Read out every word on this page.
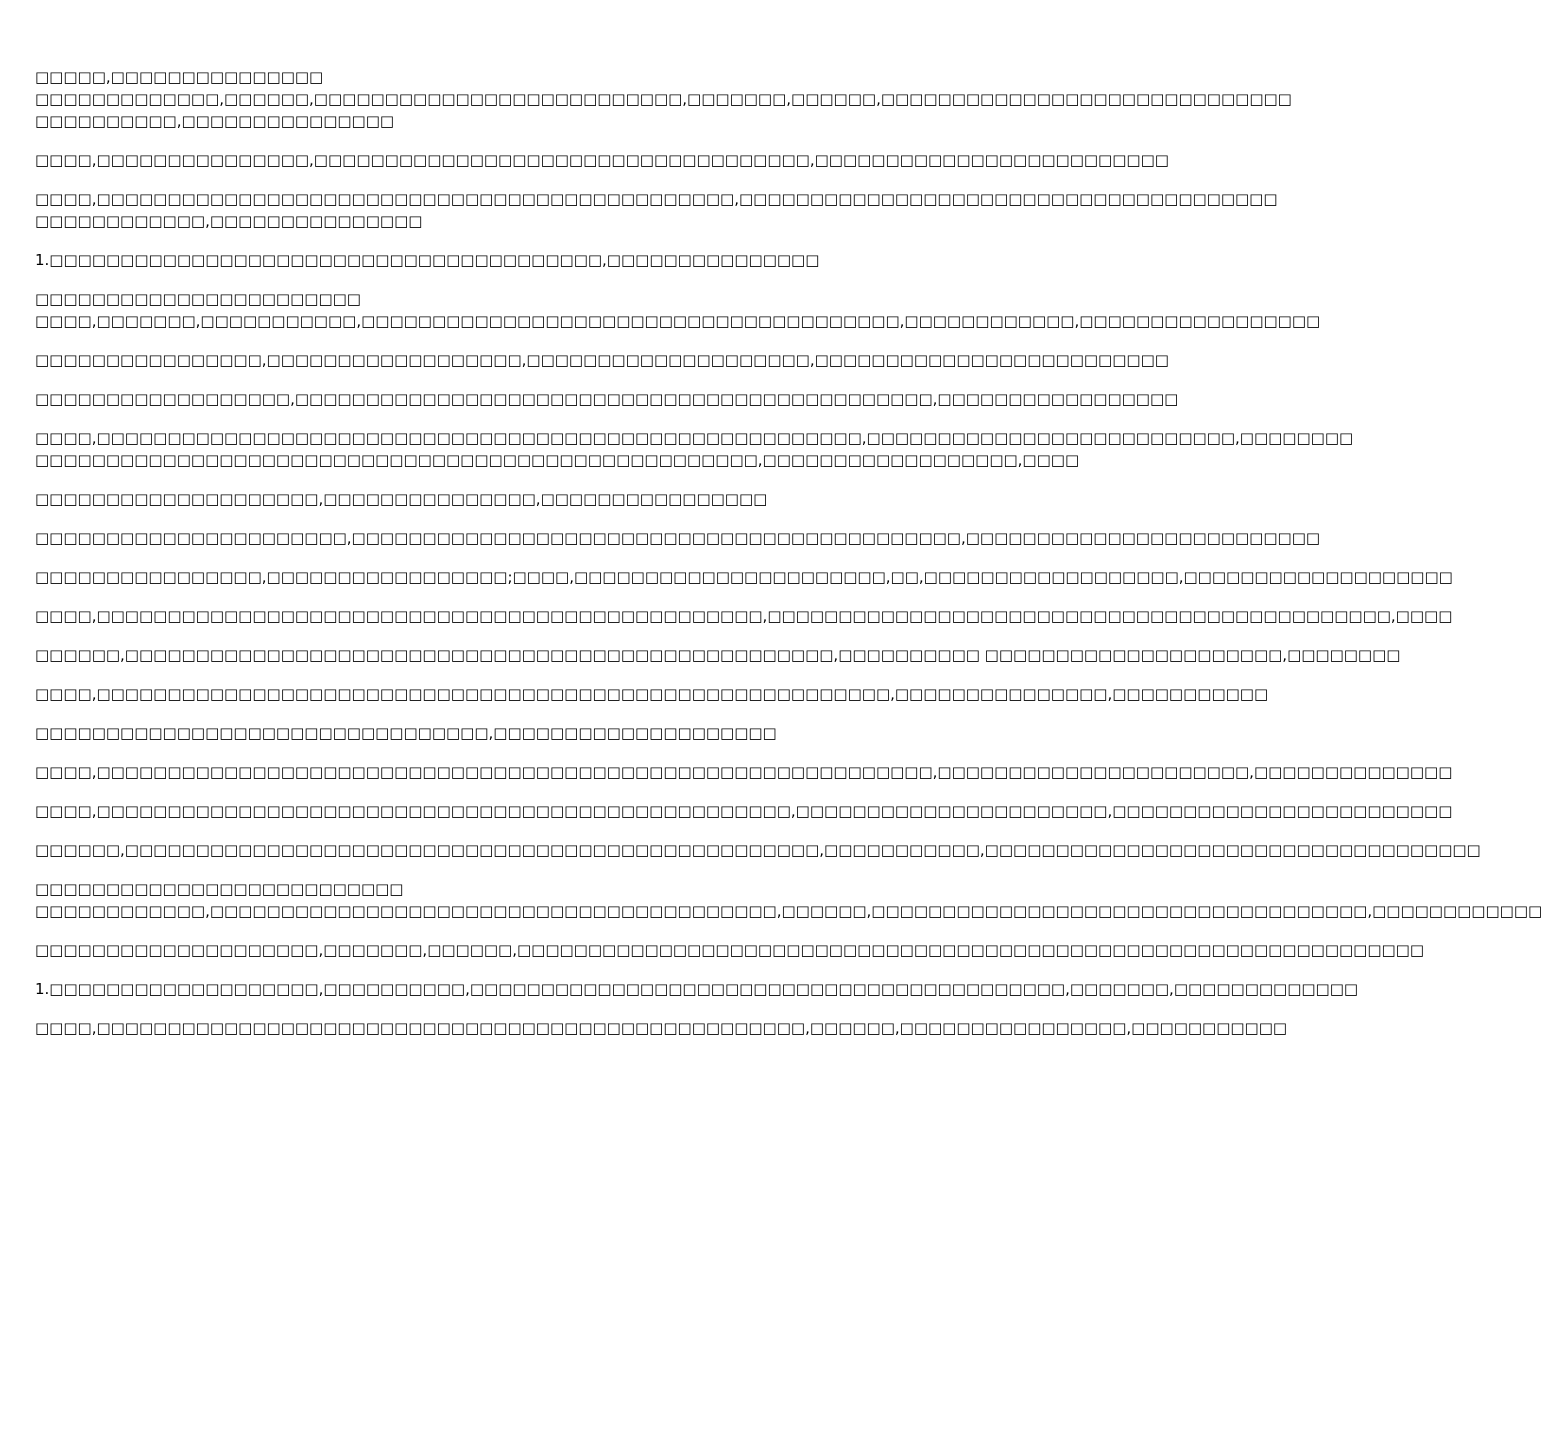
□□□□□,□□□□□□□□□□□□□□□
□□□□□□□□□□□□□,□□□□□□,□□□□□□□□□□□□□□□□□□□□□□□□□□,□□□□□□□,□□□□□□,□□□□□□□□□□□□□□□□□□□□□□□□□□□□□
□□□□□□□□□□,□□□□□□□□□□□□□□□

□□□□,□□□□□□□□□□□□□□□,□□□□□□□□□□□□□□□□□□□□□□□□□□□□□□□□□□□,□□□□□□□□□□□□□□□□□□□□□□□□□

□□□□,□□□□□□□□□□□□□□□□□□□□□□□□□□□□□□□□□□□□□□□□□□□□□,□□□□□□□□□□□□□□□□□□□□□□□□□□□□□□□□□□□□□□
□□□□□□□□□□□□,□□□□□□□□□□□□□□□

1.□□□□□□□□□□□□□□□□□□□□□□□□□□□□□□□□□□□□□□□,□□□□□□□□□□□□□□□

□□□□□□□□□□□□□□□□□□□□□□□
□□□□,□□□□□□□,□□□□□□□□□□□,□□□□□□□□□□□□□□□□□□□□□□□□□□□□□□□□□□□□□□,□□□□□□□□□□□□,□□□□□□□□□□□□□□□□□

□□□□□□□□□□□□□□□□,□□□□□□□□□□□□□□□□□□,□□□□□□□□□□□□□□□□□□□□,□□□□□□□□□□□□□□□□□□□□□□□□□

□□□□□□□□□□□□□□□□□□,□□□□□□□□□□□□□□□□□□□□□□□□□□□□□□□□□□□□□□□□□□□□□,□□□□□□□□□□□□□□□□□

□□□□,□□□□□□□□□□□□□□□□□□□□□□□□□□□□□□□□□□□□□□□□□□□□□□□□□□□□□□,□□□□□□□□□□□□□□□□□□□□□□□□□□,□□□□□□□□
□□□□□□□□□□□□□□□□□□□□□□□□□□□□□□□□□□□□□□□□□□□□□□□□□□□,□□□□□□□□□□□□□□□□□□,□□□□

□□□□□□□□□□□□□□□□□□□□,□□□□□□□□□□□□□□□,□□□□□□□□□□□□□□□□

□□□□□□□□□□□□□□□□□□□□□□,□□□□□□□□□□□□□□□□□□□□□□□□□□□□□□□□□□□□□□□□□□□,□□□□□□□□□□□□□□□□□□□□□□□□□

□□□□□□□□□□□□□□□□,□□□□□□□□□□□□□□□□□;□□□□,□□□□□□□□□□□□□□□□□□□□□□,□□,□□□□□□□□□□□□□□□□□□,□□□□□□□□□□□□□□□□□□□

□□□□,□□□□□□□□□□□□□□□□□□□□□□□□□□□□□□□□□□□□□□□□□□□□□□□,□□□□□□□□□□□□□□□□□□□□□□□□□□□□□□□□□□□□□□□□□□□□,□□□□

□□□□□□,□□□□□□□□□□□□□□□□□□□□□□□□□□□□□□□□□□□□□□□□□□□□□□□□□□,□□□□□□□□□□ □□□□□□□□□□□□□□□□□□□□□,□□□□□□□□

□□□□,□□□□□□□□□□□□□□□□□□□□□□□□□□□□□□□□□□□□□□□□□□□□□□□□□□□□□□□□,□□□□□□□□□□□□□□□,□□□□□□□□□□□

□□□□□□□□□□□□□□□□□□□□□□□□□□□□□□□□,□□□□□□□□□□□□□□□□□□□□

□□□□,□□□□□□□□□□□□□□□□□□□□□□□□□□□□□□□□□□□□□□□□□□□□□□□□□□□□□□□□□□□,□□□□□□□□□□□□□□□□□□□□□□,□□□□□□□□□□□□□□

□□□□,□□□□□□□□□□□□□□□□□□□□□□□□□□□□□□□□□□□□□□□□□□□□□□□□□,□□□□□□□□□□□□□□□□□□□□□□,□□□□□□□□□□□□□□□□□□□□□□□□

□□□□□□,□□□□□□□□□□□□□□□□□□□□□□□□□□□□□□□□□□□□□□□□□□□□□□□□□,□□□□□□□□□□□,□□□□□□□□□□□□□□□□□□□□□□□□□□□□□□□□□□□

□□□□□□□□□□□□□□□□□□□□□□□□□□
□□□□□□□□□□□□,□□□□□□□□□□□□□□□□□□□□□□□□□□□□□□□□□□□□□□□□,□□□□□□,□□□□□□□□□□□□□□□□□□□□□□□□□□□□□□□□□□□,□□□□□□□□□□□□

□□□□□□□□□□□□□□□□□□□□,□□□□□□□,□□□□□□,□□□□□□□□□□□□□□□□□□□□□□□□□□□□□□□□□□□□□□□□□□□□□□□□□□□□□□□□□□□□□□□□

1.□□□□□□□□□□□□□□□□□□□,□□□□□□□□□□,□□□□□□□□□□□□□□□□□□□□□□□□□□□□□□□□□□□□□□□□□□,□□□□□□□,□□□□□□□□□□□□□

□□□□,□□□□□□□□□□□□□□□□□□□□□□□□□□□□□□□□□□□□□□□□□□□□□□□□□□,□□□□□□,□□□□□□□□□□□□□□□□,□□□□□□□□□□□
